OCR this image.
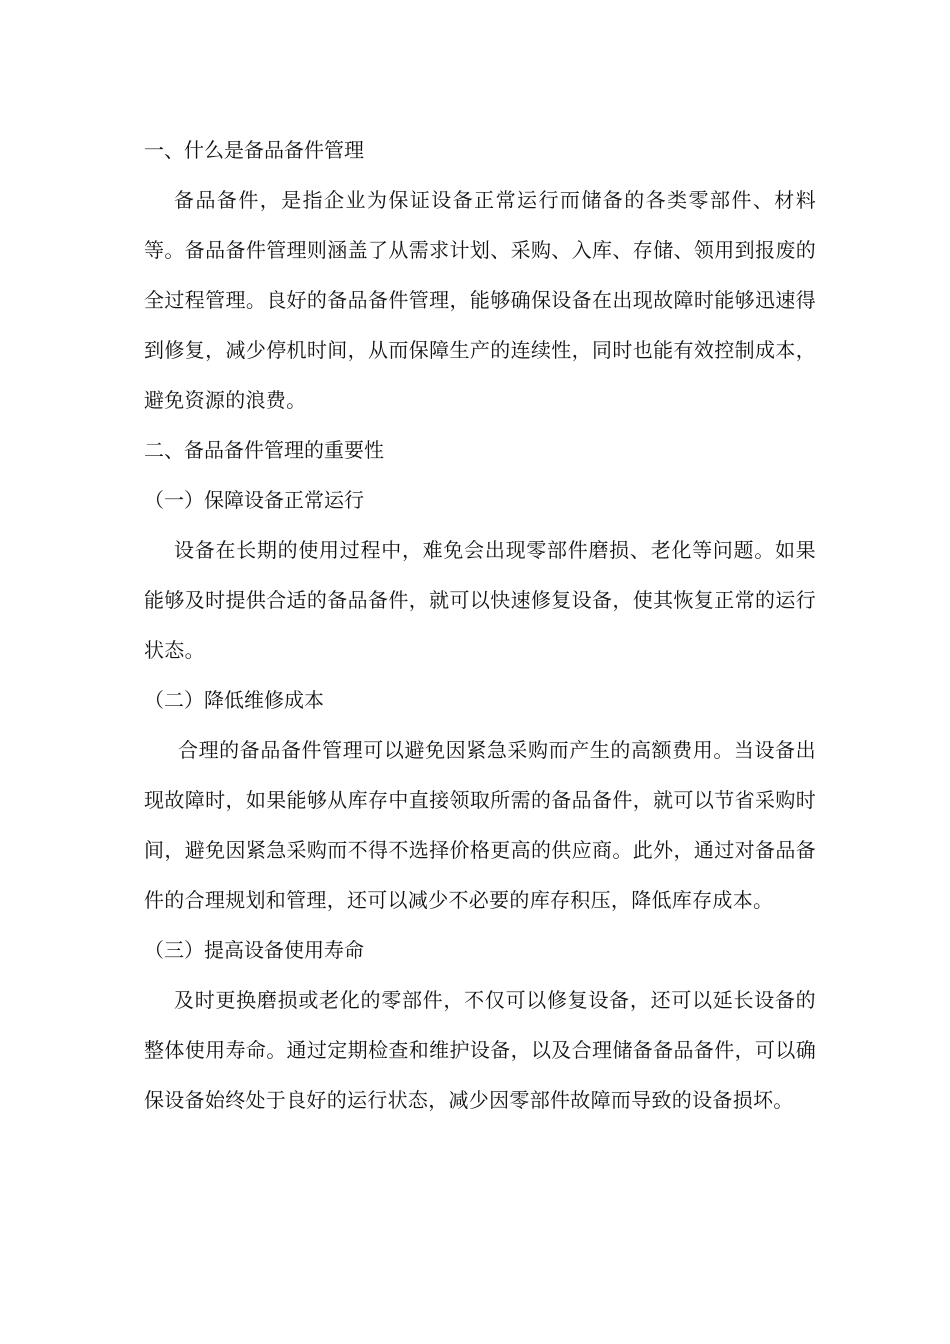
一、什么是备品备件管理

备品备件，是指企业为保证设备正常运行而储备的各类零部件、材料等。备品备件管理则涵盖了从需求计划、采购、入库、存储、领用到报废的全过程管理。良好的备品备件管理，能够确保设备在出现故障时能够迅速得到修复，减少停机时间，从而保障生产的连续性，同时也能有效控制成本，避免资源的浪费。

二、备品备件管理的重要性

（一）保障设备正常运行

设备在长期的使用过程中，难免会出现零部件磨损、老化等问题。如果能够及时提供合适的备品备件，就可以快速修复设备，使其恢复正常的运行状态。

（二）降低维修成本

合理的备品备件管理可以避免因紧急采购而产生的高额费用。当设备出现故障时，如果能够从库存中直接领取所需的备品备件，就可以节省采购时间，避免因紧急采购而不得不选择价格更高的供应商。此外，通过对备品备件的合理规划和管理，还可以减少不必要的库存积压，降低库存成本。

（三）提高设备使用寿命

及时更换磨损或老化的零部件，不仅可以修复设备，还可以延长设备的整体使用寿命。通过定期检查和维护设备，以及合理储备备品备件，可以确保设备始终处于良好的运行状态，减少因零部件故障而导致的设备损坏。
